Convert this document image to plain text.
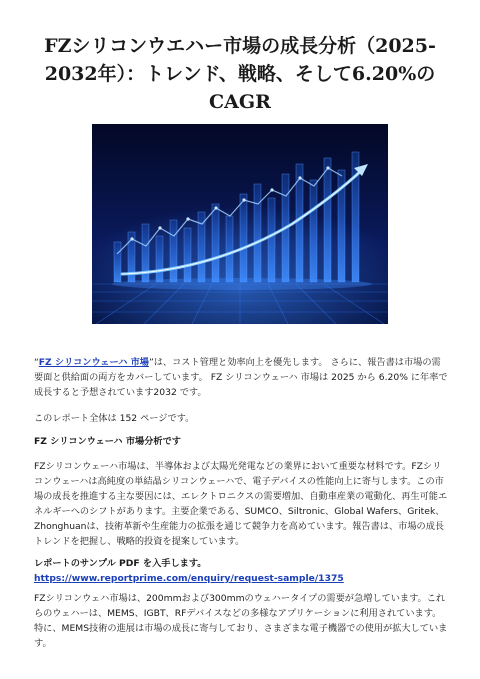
FZシリコンウエハー市場の成長分析（2025-2032年）：トレンド、戦略、そして6.20%のCAGR

“FZ シリコンウェーハ 市場”は、コスト管理と効率向上を優先します。 さらに、報告書は市場の需要面と供給面の両方をカバーしています。 FZ シリコンウェーハ 市場は 2025 から 6.20% に年率で成長すると予想されています2032 です。

このレポート全体は 152 ページです。

FZ シリコンウェーハ 市場分析です

FZシリコンウェーハ市場は、半導体および太陽光発電などの業界において重要な材料です。FZシリコンウェーハは高純度の単結晶シリコンウェーハで、電子デバイスの性能向上に寄与します。この市場の成長を推進する主な要因には、エレクトロニクスの需要増加、自動車産業の電動化、再生可能エネルギーへのシフトがあります。主要企業である、SUMCO、Siltronic、Global Wafers、Gritek、Zhonghuanは、技術革新や生産能力の拡張を通じて競争力を高めています。報告書は、市場の成長トレンドを把握し、戦略的投資を提案しています。

レポートのサンプル PDF を入手します。 https://www.reportprime.com/enquiry/request-sample/1375

FZシリコンウェハ市場は、200mmおよび300mmのウェハータイプの需要が急増しています。これらのウェハーは、MEMS、IGBT、RFデバイスなどの多様なアプリケーションに利用されています。特に、MEMS技術の進展は市場の成長に寄与しており、さまざまな電子機器での使用が拡大しています。
